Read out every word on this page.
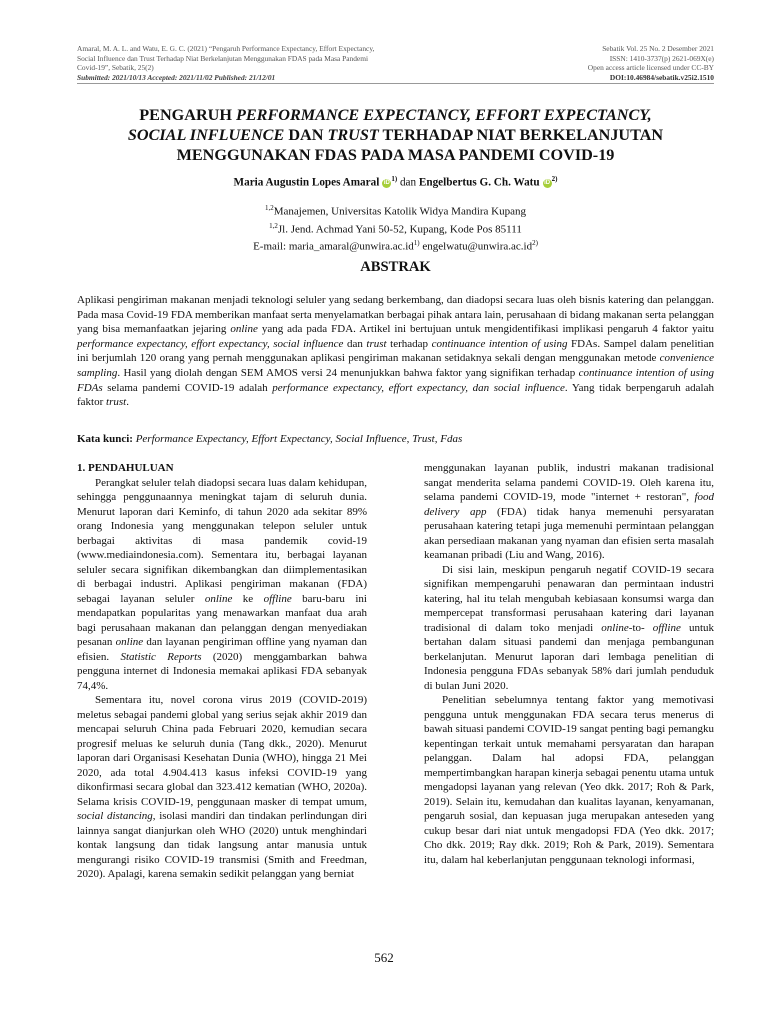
Amaral, M. A. L. and Watu, E. G. C. (2021) “Pengaruh Performance Expectancy, Effort Expectancy,
Social Influence dan Trust Terhadap Niat Berkelanjutan Menggunakan FDAS pada Masa Pandemi
Covid-19”, Sebatik, 25(2)
Submitted: 2021/10/13 Accepted: 2021/11/02 Published: 21/12/01
Sebatik Vol. 25 No. 2 Desember 2021
ISSN: 1410-3737(p) 2621-069X(e)
Open access article licensed under CC-BY
DOI:10.46984/sebatik.v25i2.1510
PENGARUH PERFORMANCE EXPECTANCY, EFFORT EXPECTANCY,
SOCIAL INFLUENCE DAN TRUST TERHADAP NIAT BERKELANJUTAN
MENGGUNAKAN FDAS PADA MASA PANDEMI COVID-19
Maria Augustin Lopes Amaral iD $^{1)}$ dan Engelbertus G. Ch. Watu iD $^{2)}$
$^{1,2}$Manajemen, Universitas Katolik Widya Mandira Kupang
$^{1,2}$Jl. Jend. Achmad Yani 50-52, Kupang, Kode Pos 85111
E-mail: $maria\_amaral@unwira.ac.id^{1)}$ $engelwatu@unwira.ac.id^{2)}$
ABSTRAK
Aplikasi pengiriman makanan menjadi teknologi seluler yang sedang berkembang, dan diadopsi secara luas oleh bisnis katering dan pelanggan. Pada masa Covid-19 FDA memberikan manfaat serta menyelamatkan berbagai pihak antara lain, perusahaan di bidang makanan serta pelanggan yang bisa memanfaatkan jejaring online yang ada pada FDA. Artikel ini bertujuan untuk mengidentifikasi implikasi pengaruh 4 faktor yaitu performance expectancy, effort expectancy, social influence dan trust terhadap continuance intention of using FDAs. Sampel dalam penelitian ini berjumlah 120 orang yang pernah menggunakan aplikasi pengiriman makanan setidaknya sekali dengan menggunakan metode convenience sampling. Hasil yang diolah dengan SEM AMOS versi 24 menunjukkan bahwa faktor yang signifikan terhadap continuance intention of using FDAs selama pandemi COVID-19 adalah performance expectancy, effort expectancy, dan social influence. Yang tidak berpengaruh adalah faktor trust.
Kata kunci: Performance Expectancy, Effort Expectancy, Social Influence, Trust, Fdas

1. PENDAHULUAN

Perangkat seluler telah diadopsi secara luas dalam kehidupan, sehingga penggunaannya meningkat tajam di seluruh dunia. Menurut laporan dari Keminfo, di tahun 2020 ada sekitar 89% orang Indonesia yang menggunakan telepon seluler untuk berbagai aktivitas di masa pandemik covid-19 (www.mediaindonesia.com). Sementara itu, berbagai layanan seluler secara signifikan dikembangkan dan diimplementasikan di berbagai industri. Aplikasi pengiriman makanan (FDA) sebagai layanan seluler online ke offline baru-baru ini mendapatkan popularitas yang menawarkan manfaat dua arah bagi perusahaan makanan dan pelanggan dengan menyediakan pesanan online dan layanan pengiriman offline yang nyaman dan efisien. Statistic Reports (2020) menggambarkan bahwa pengguna internet di Indonesia memakai aplikasi FDA sebanyak 74,4%.

Sementara itu, novel corona virus 2019 (COVID-2019) meletus sebagai pandemi global yang serius sejak akhir 2019 dan mencapai seluruh China pada Februari 2020, kemudian secara progresif meluas ke seluruh dunia (Tang dkk., 2020). Menurut laporan dari Organisasi Kesehatan Dunia (WHO), hingga 21 Mei 2020, ada total 4.904.413 kasus infeksi COVID-19 yang dikonfirmasi secara global dan 323.412 kematian (WHO, 2020a). Selama krisis COVID-19, penggunaan masker di tempat umum, social distancing, isolasi mandiri dan tindakan perlindungan diri lainnya sangat dianjurkan oleh WHO (2020) untuk menghindari kontak langsung dan tidak langsung antar manusia untuk mengurangi risiko COVID-19 transmisi (Smith and Freedman, 2020). Apalagi, karena semakin sedikit pelanggan yang berniat

menggunakan layanan publik, industri makanan tradisional sangat menderita selama pandemi COVID-19. Oleh karena itu, selama pandemi COVID-19, mode "internet + restoran", food delivery app (FDA) tidak hanya memenuhi persyaratan perusahaan katering tetapi juga memenuhi permintaan pelanggan akan persediaan makanan yang nyaman dan efisien serta masalah keamanan pribadi (Liu and Wang, 2016).

Di sisi lain, meskipun pengaruh negatif COVID-19 secara signifikan mempengaruhi penawaran dan permintaan industri katering, hal itu telah mengubah kebiasaan konsumsi warga dan mempercepat transformasi perusahaan katering dari layanan tradisional di dalam toko menjadi online-to- offline untuk bertahan dalam situasi pandemi dan menjaga pembangunan berkelanjutan. Menurut laporan dari lembaga penelitian di Indonesia pengguna FDAs sebanyak 58% dari jumlah penduduk di bulan Juni 2020.

Penelitian sebelumnya tentang faktor yang memotivasi pengguna untuk menggunakan FDA secara terus menerus di bawah situasi pandemi COVID-19 sangat penting bagi pemangku kepentingan terkait untuk memahami persyaratan dan harapan pelanggan. Dalam hal adopsi FDA, pelanggan mempertimbangkan harapan kinerja sebagai penentu utama untuk mengadopsi layanan yang relevan (Yeo dkk. 2017; Roh & Park, 2019). Selain itu, kemudahan dan kualitas layanan, kenyamanan, pengaruh sosial, dan kepuasan juga merupakan anteseden yang cukup besar dari niat untuk mengadopsi FDA (Yeo dkk. 2017; Cho dkk. 2019; Ray dkk. 2019; Roh & Park, 2019). Sementara itu, dalam hal keberlanjutan penggunaan teknologi informasi,

562
